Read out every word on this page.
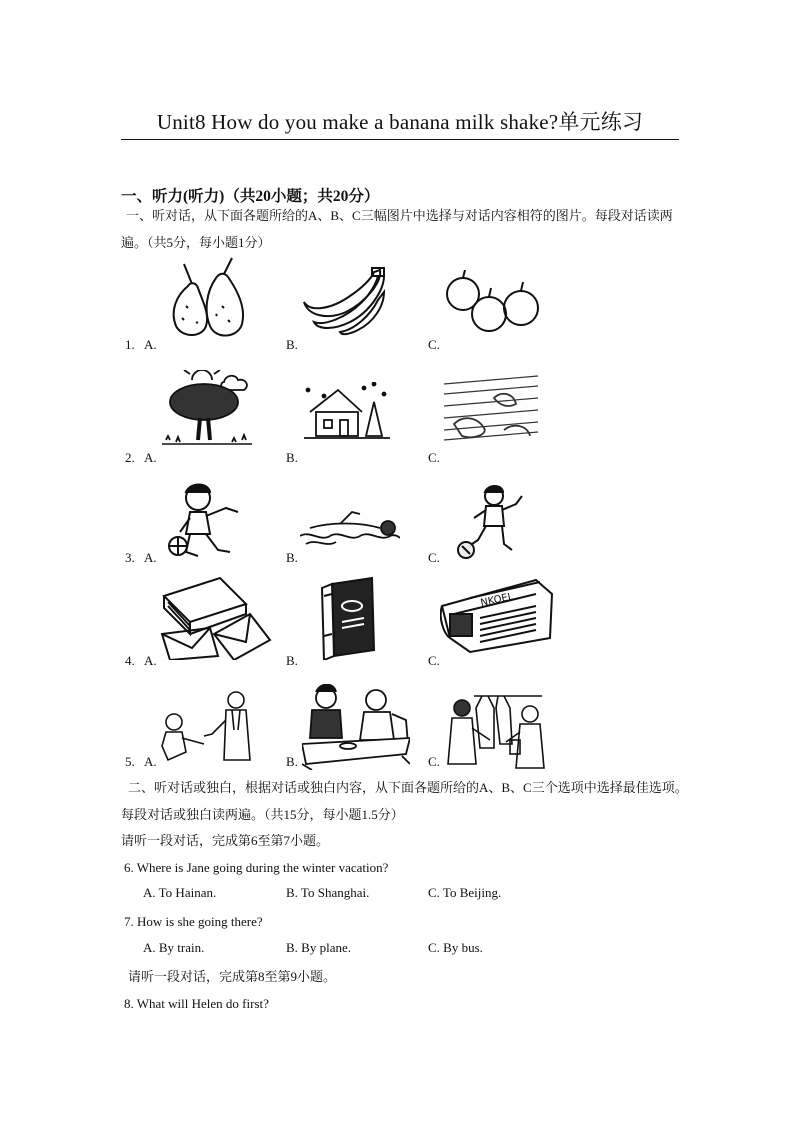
Unit8 How do you make a banana milk shake?单元练习
一、听力(听力)（共20小题；共20分）
一、听对话，从下面各题所给的A、B、C三幅图片中选择与对话内容相符的图片。每段对话读两
遍。（共5分，每小题1分）
1. A.	B.	C.
2. A.	B.	C.
3. A.	B.	C.
4. A.	B.	C.
NKOEL
5. A.	B.	C.
二、听对话或独白，根据对话或独白内容，从下面各题所给的A、B、C三个选项中选择最佳选项。
每段对话或独白读两遍。（共15分，每小题1.5分）
请听一段对话，完成第6至第7小题。
6. Where is Jane going during the winter vacation?
A. To Hainan.	B. To Shanghai.	C. To Beijing.
7. How is she going there?
A. By train.	B. By plane.	C. By bus.
请听一段对话，完成第8至第9小题。
8. What will Helen do first?
